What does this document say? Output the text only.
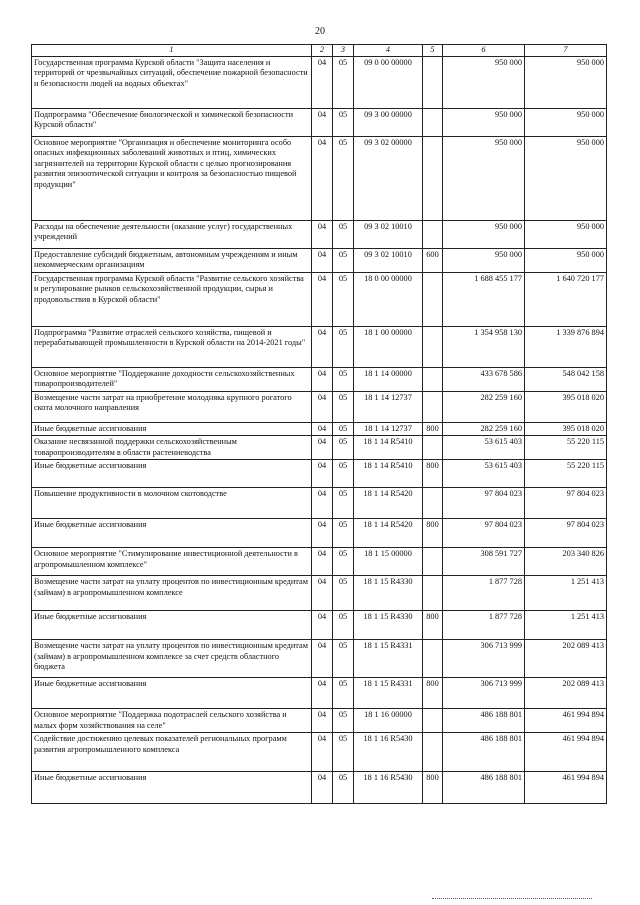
20
1	2	3	4	5	6	7
Государственная программа Курской области "Защита населения и территорий от чрезвычайных ситуаций, обеспечение пожарной безопасности и безопасности людей на водных объектах"	04	05	09 0 00 00000		950 000	950 000
Подпрограмма "Обеспечение биологической и химической безопасности Курской области"	04	05	09 3 00 00000		950 000	950 000
Основное мероприятие "Организация и обеспечение мониторинга особо опасных инфекционных заболеваний животных и птиц, химических загрязнителей на территории Курской области с целью прогнозирования развития эпизоотической ситуации и контроля за безопасностью пищевой продукции"	04	05	09 3 02 00000		950 000	950 000
Расходы на обеспечение деятельности (оказание услуг) государственных учреждений	04	05	09 3 02 10010		950 000	950 000
Предоставление субсидий бюджетным, автономным учреждениям и иным некоммерческим организациям	04	05	09 3 02 10010	600	950 000	950 000
Государственная программа Курской области "Развитие сельского хозяйства и регулирование рынков сельскохозяйственной продукции, сырья и продовольствия в Курской области"	04	05	18 0 00 00000		1 688 455 177	1 640 720 177
Подпрограмма "Развитие отраслей сельского хозяйства, пищевой и перерабатывающей промышленности в Курской области на 2014-2021 годы"	04	05	18 1 00 00000		1 354 958 130	1 339 876 894
Основное мероприятие "Поддержание доходности сельскохозяйственных товаропроизводителей"	04	05	18 1 14 00000		433 678 586	548 042 158
Возмещение части затрат на приобретение молодняка крупного рогатого скота молочного направления	04	05	18 1 14 12737		282 259 160	395 018 020
Иные бюджетные ассигнования	04	05	18 1 14 12737	800	282 259 160	395 018 020
Оказание несвязанной поддержки сельскохозяйственным товаропроизводителям в области растениеводства	04	05	18 1 14 R5410		53 615 403	55 220 115
Иные бюджетные ассигнования	04	05	18 1 14 R5410	800	53 615 403	55 220 115
Повышение продуктивности в молочном скотоводстве	04	05	18 1 14 R5420		97 804 023	97 804 023
Иные бюджетные ассигнования	04	05	18 1 14 R5420	800	97 804 023	97 804 023
Основное мероприятие "Стимулирование инвестиционной деятельности в агропромышленном комплексе"	04	05	18 1 15 00000		308 591 727	203 340 826
Возмещение части затрат на уплату процентов по инвестиционным кредитам (займам) в агропромышленном комплексе	04	05	18 1 15 R4330		1 877 728	1 251 413
Иные бюджетные ассигнования	04	05	18 1 15 R4330	800	1 877 728	1 251 413
Возмещение части затрат на уплату процентов по инвестиционным кредитам (займам) в агропромышленном комплексе за счет средств областного бюджета	04	05	18 1 15 R4331		306 713 999	202 089 413
Иные бюджетные ассигнования	04	05	18 1 15 R4331	800	306 713 999	202 089 413
Основное мероприятие "Поддержка подотраслей сельского хозяйства и малых форм хозяйствования на селе"	04	05	18 1 16 00000		486 188 801	461 994 894
Содействие достижению целевых показателей региональных программ развития агропромышленного комплекса	04	05	18 1 16 R5430		486 188 801	461 994 894
Иные бюджетные ассигнования	04	05	18 1 16 R5430	800	486 188 801	461 994 894
